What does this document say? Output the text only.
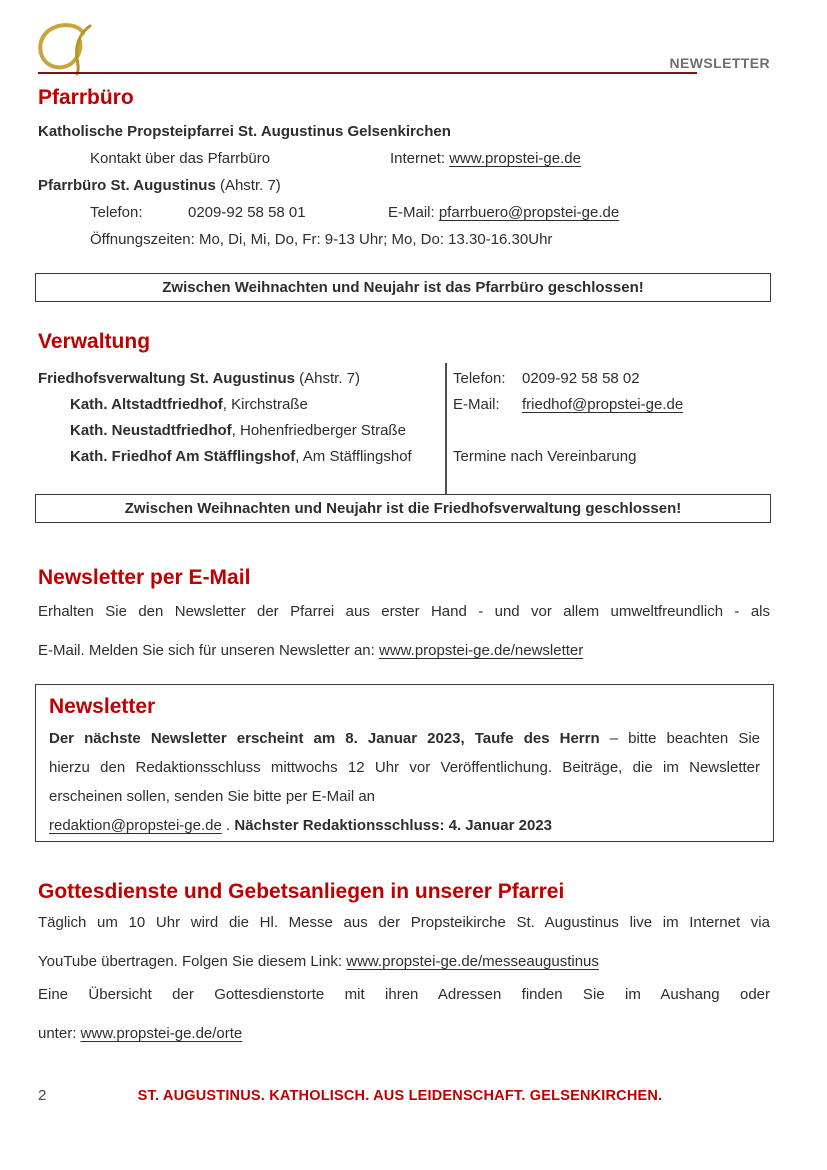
NEWSLETTER
Pfarrbüro
Katholische Propsteipfarrei St. Augustinus Gelsenkirchen
Kontakt über das Pfarrbüro	Internet: www.propstei-ge.de
Pfarrbüro St. Augustinus (Ahstr. 7)
Telefon:	0209-92 58 58 01	E-Mail: pfarrbuero@propstei-ge.de
Öffnungszeiten: Mo, Di, Mi, Do, Fr: 9-13 Uhr; Mo, Do: 13.30-16.30Uhr
Zwischen Weihnachten und Neujahr ist das Pfarrbüro geschlossen!
Verwaltung
Friedhofsverwaltung St. Augustinus (Ahstr. 7)	Telefon: 0209-92 58 58 02
Kath. Altstadtfriedhof, Kirchstraße	E-Mail: friedhof@propstei-ge.de
Kath. Neustadtfriedhof, Hohenfriedberger Straße
Kath. Friedhof Am Stäfflingshof, Am Stäfflingshof	Termine nach Vereinbarung
Zwischen Weihnachten und Neujahr ist die Friedhofsverwaltung geschlossen!
Newsletter per E-Mail
Erhalten Sie den Newsletter der Pfarrei aus erster Hand - und vor allem umweltfreundlich - als
E-Mail. Melden Sie sich für unseren Newsletter an: www.propstei-ge.de/newsletter
Newsletter
Der nächste Newsletter erscheint am 8. Januar 2023, Taufe des Herrn – bitte beachten Sie
hierzu den Redaktionsschluss mittwochs 12 Uhr vor Veröffentlichung. Beiträge, die im Newsletter
erscheinen sollen, senden Sie bitte per E-Mail an
redaktion@propstei-ge.de . Nächster Redaktionsschluss: 4. Januar 2023
Gottesdienste und Gebetsanliegen in unserer Pfarrei
Täglich um 10 Uhr wird die Hl. Messe aus der Propsteikirche St. Augustinus live im Internet via
YouTube übertragen. Folgen Sie diesem Link: www.propstei-ge.de/messeaugustinus
Eine Übersicht der Gottesdienstorte mit ihren Adressen finden Sie im Aushang oder
unter: www.propstei-ge.de/orte
2	ST. AUGUSTINUS. KATHOLISCH. AUS LEIDENSCHAFT. GELSENKIRCHEN.
